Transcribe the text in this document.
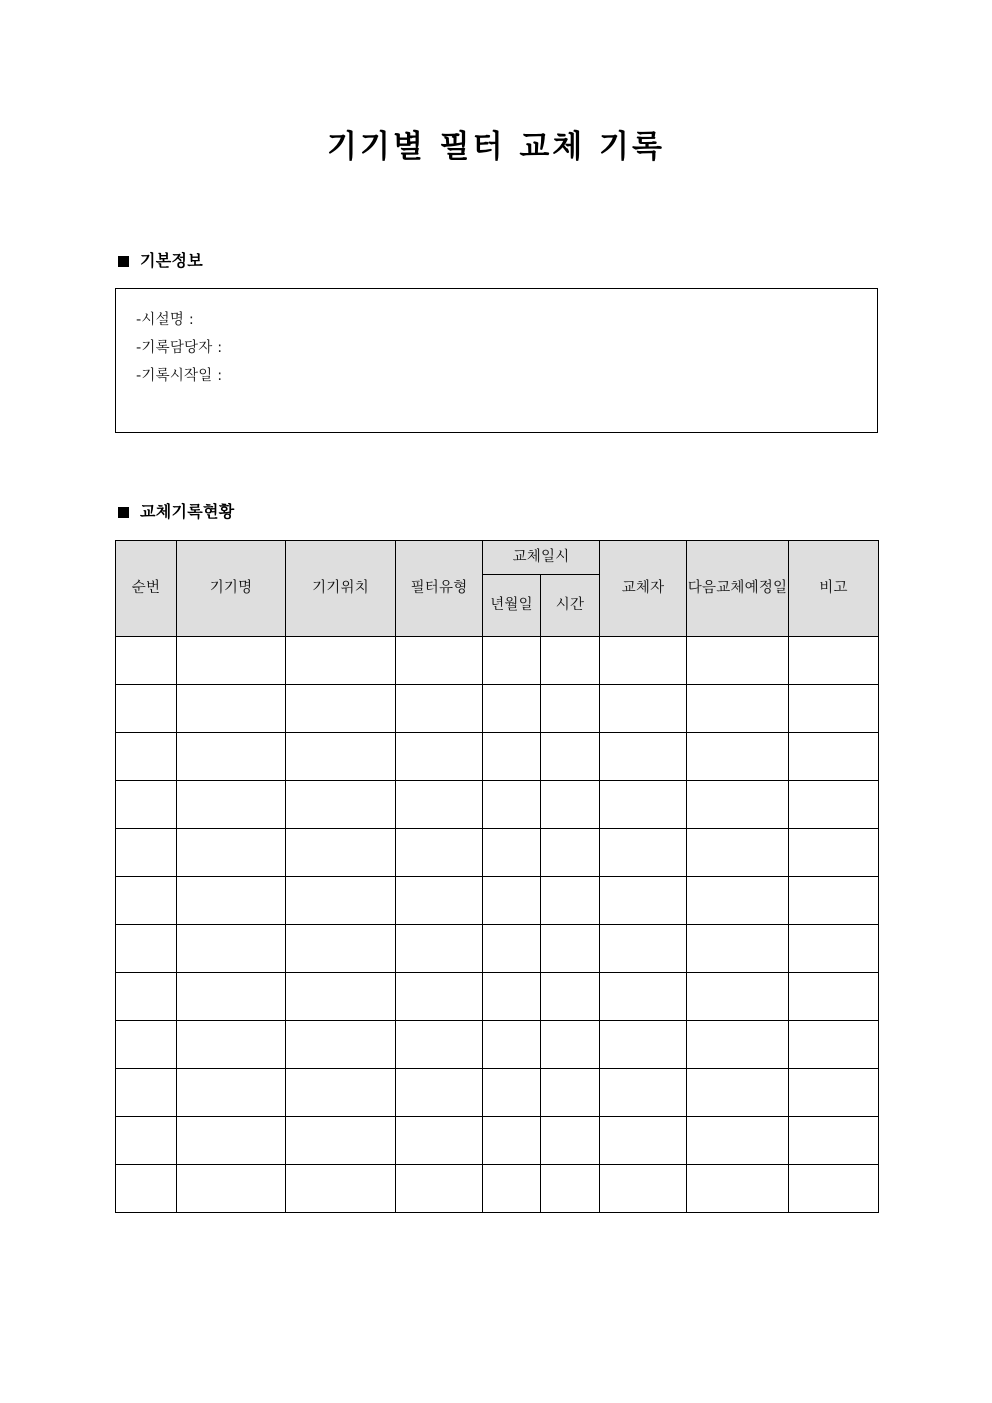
기기별 필터 교체 기록
기본정보
-시설명 :
-기록담당자 :
-기록시작일 :
교체기록현황
순번	기기명	기기위치	필터유형	교체일시		교체자	다음교체예정일	비고
				년월일	시간			
